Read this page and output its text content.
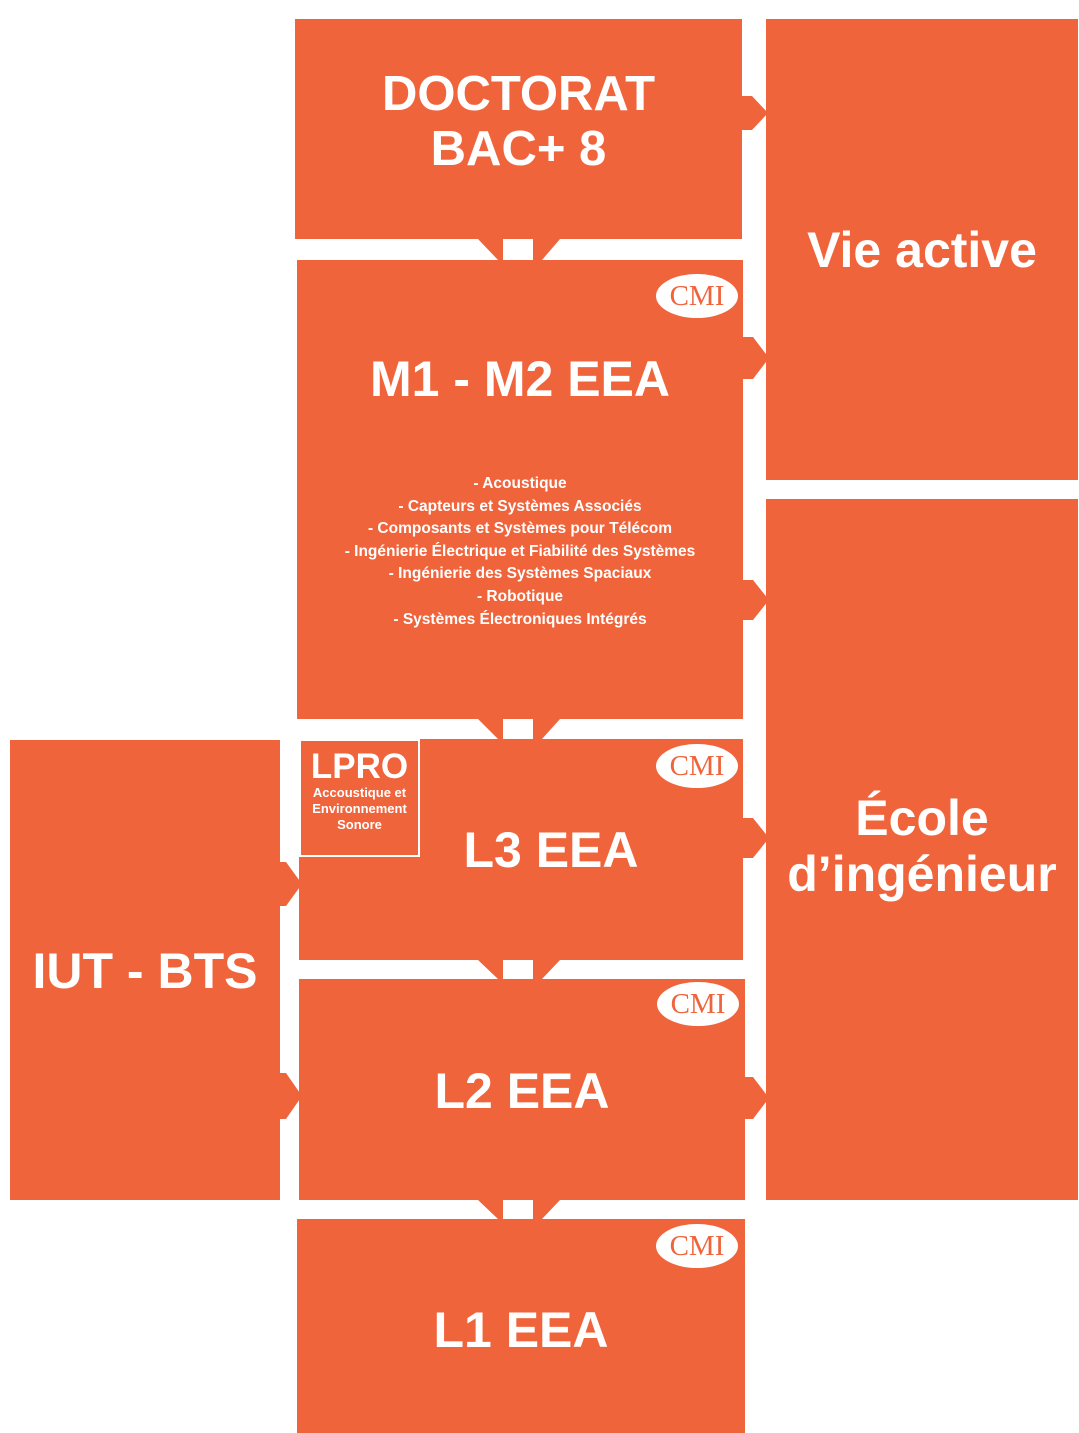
DOCTORAT
BAC+ 8
Vie active
CMI
M1 - M2 EEA
- Acoustique
- Capteurs et Systèmes Associés
- Composants et Systèmes pour Télécom
- Ingénierie Électrique et Fiabilité des Systèmes
- Ingénierie des Systèmes Spaciaux
- Robotique
- Systèmes Électroniques Intégrés
École
d’ingénieur
CMI
L3 EEA
LPRO
Accoustique et
Environnement
Sonore
IUT - BTS
CMI
L2 EEA
CMI
L1 EEA
